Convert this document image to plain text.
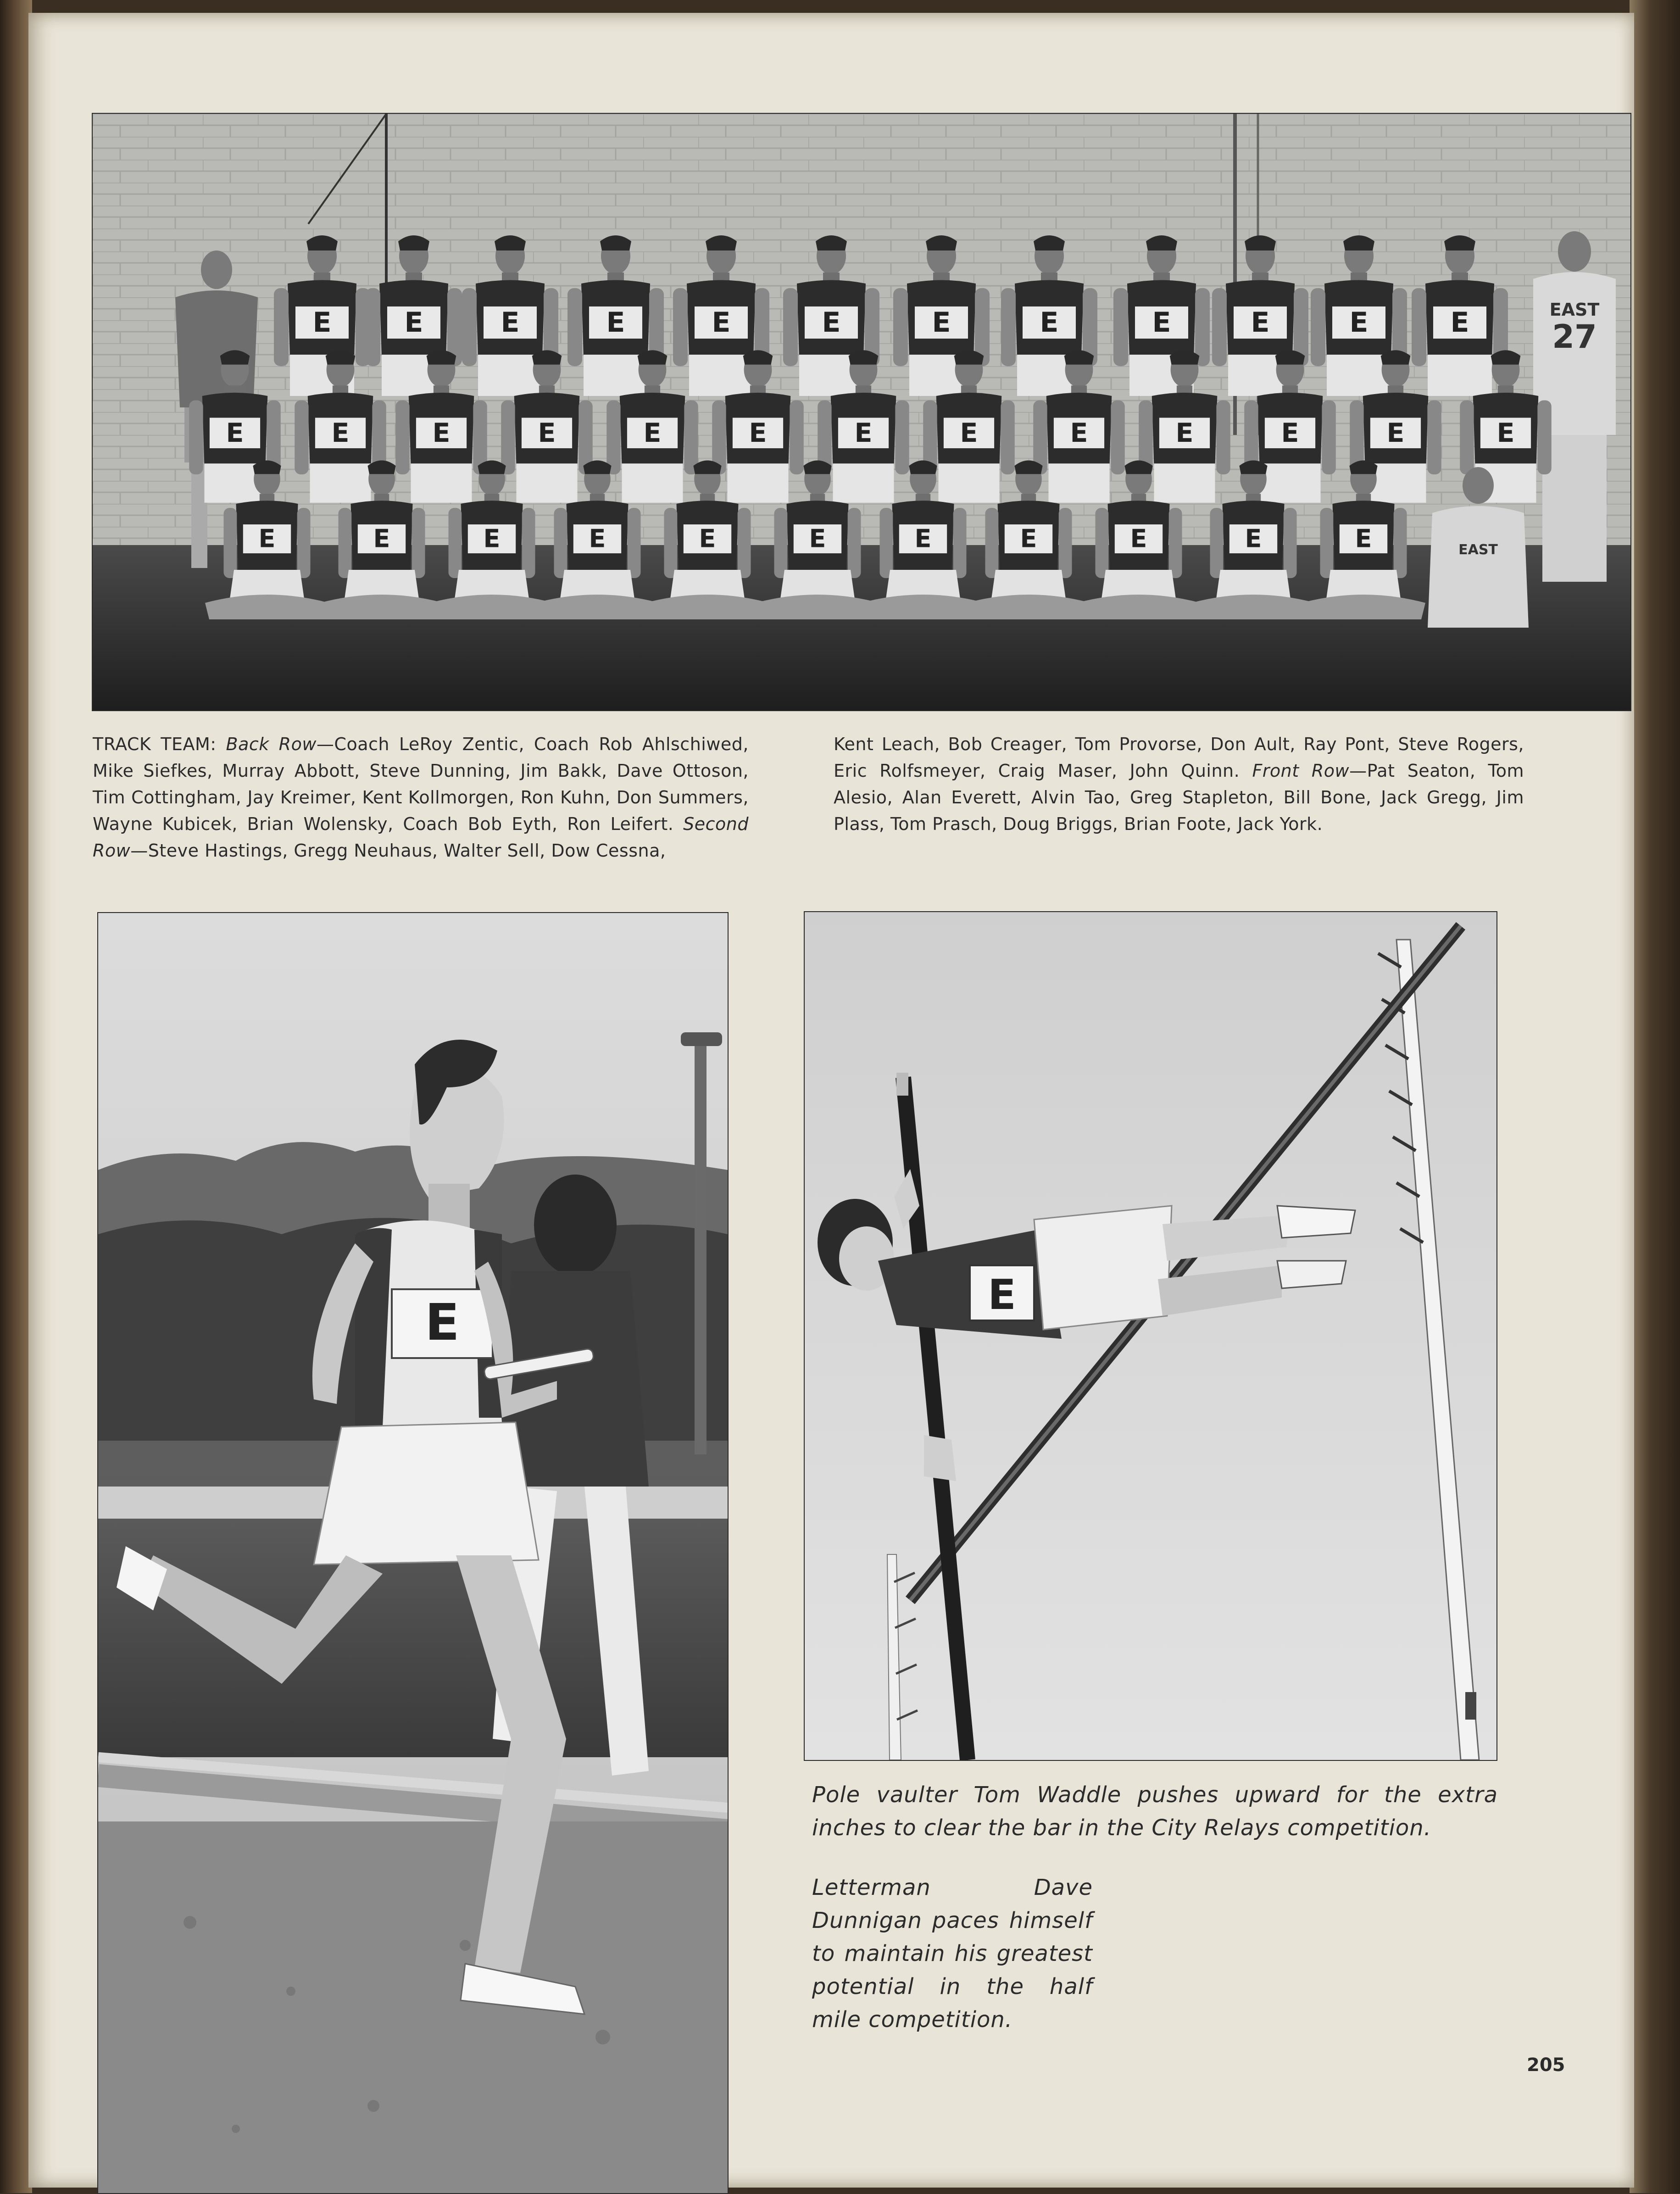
E	E	E	E	E	E	E	E	E	E	E	E	EAST
27
E	E	E	E	E	E	E	E	E	E	E	E	E
E	E	E	E	E	E	E	E	E	E	E	EAST
TRACK TEAM: Back Row—Coach LeRoy Zentic, Coach Rob Ahlschiwed, Mike Siefkes, Murray Abbott, Steve Dunning, Jim Bakk, Dave Ottoson, Tim Cottingham, Jay Kreimer, Kent Kollmorgen, Ron Kuhn, Don Summers, Wayne Kubicek, Brian Wolensky, Coach Bob Eyth, Ron Leifert. Second Row—Steve Hastings, Gregg Neuhaus, Walter Sell, Dow Cessna,
Kent Leach, Bob Creager, Tom Provorse, Don Ault, Ray Pont, Steve Rogers, Eric Rolfsmeyer, Craig Maser, John Quinn. Front Row—Pat Seaton, Tom Alesio, Alan Everett, Alvin Tao, Greg Stapleton, Bill Bone, Jack Gregg, Jim Plass, Tom Prasch, Doug Briggs, Brian Foote, Jack York.
E	E
Pole vaulter Tom Waddle pushes upward for the extra inches to clear the bar in the City Relays competition.
Letterman Dave Dunnigan paces himself to maintain his greatest potential in the half mile competition.
205
